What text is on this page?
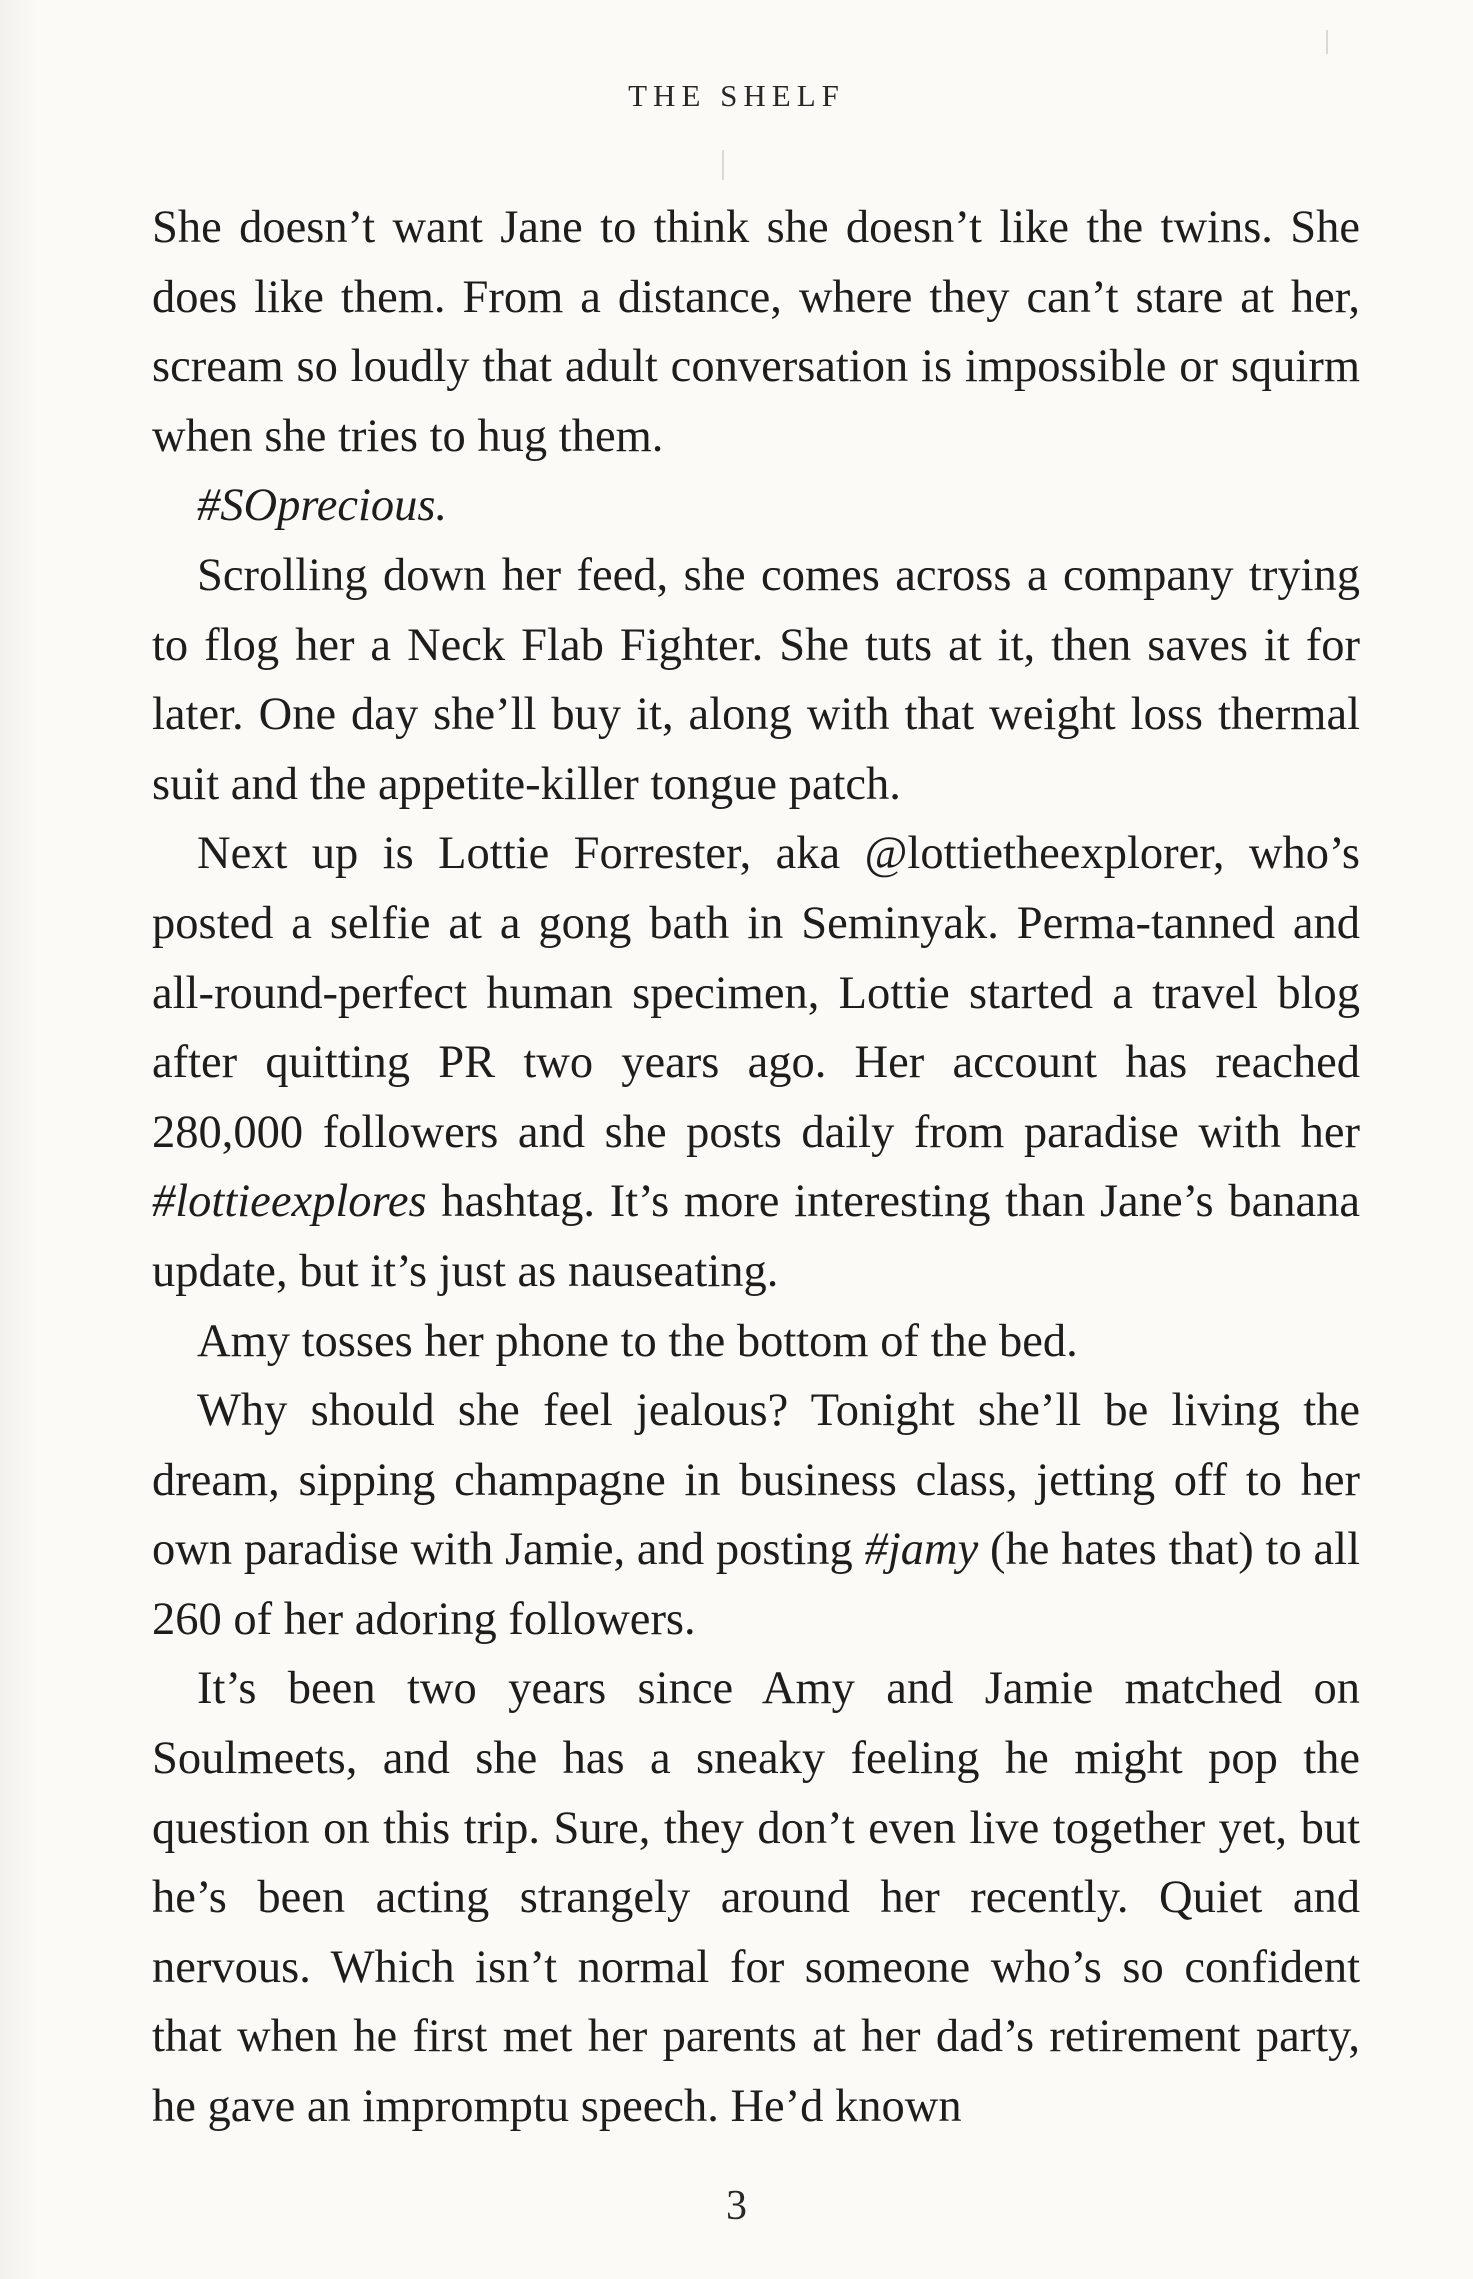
THE SHELF

She doesn’t want Jane to think she doesn’t like the twins. She does like them. From a distance, where they can’t stare at her, scream so loudly that adult conversation is impossible or squirm when she tries to hug them.

#SOprecious.

Scrolling down her feed, she comes across a company trying to flog her a Neck Flab Fighter. She tuts at it, then saves it for later. One day she’ll buy it, along with that weight loss thermal suit and the appetite-killer tongue patch.

Next up is Lottie Forrester, aka @lottietheexplorer, who’s posted a selfie at a gong bath in Seminyak. Perma-tanned and all-round-perfect human specimen, Lottie started a travel blog after quitting PR two years ago. Her account has reached 280,000 followers and she posts daily from paradise with her #lottieexplores hashtag. It’s more interesting than Jane’s banana update, but it’s just as nauseating.

Amy tosses her phone to the bottom of the bed.

Why should she feel jealous? Tonight she’ll be living the dream, sipping champagne in business class, jetting off to her own paradise with Jamie, and posting #jamy (he hates that) to all 260 of her adoring followers.

It’s been two years since Amy and Jamie matched on Soulmeets, and she has a sneaky feeling he might pop the question on this trip. Sure, they don’t even live together yet, but he’s been acting strangely around her recently. Quiet and nervous. Which isn’t normal for someone who’s so confident that when he first met her parents at her dad’s retirement party, he gave an impromptu speech. He’d known

3
